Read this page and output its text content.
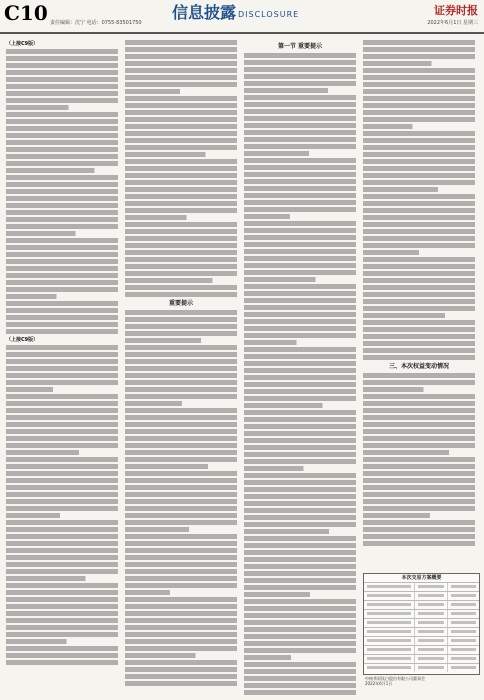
C10 责任编辑：沈宁 电话：0755-83501750
信息披露 DISCLOSURE	证券时报
2022年6月1日 星期三
（上接C9版）
（上接C9版）
重要提示
第一节 重要提示
三、本次权益变动情况
本次交易方案概要
中核华原钛白股份有限公司董事会
2022年6月1日
